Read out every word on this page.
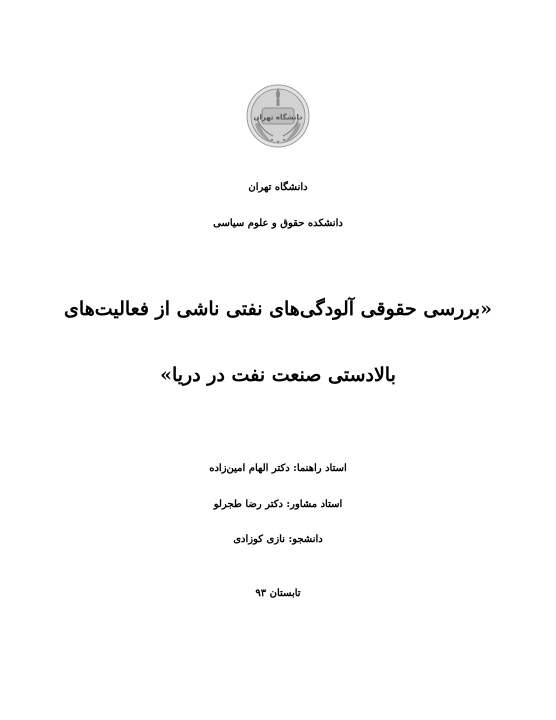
دانشگاه تهران
دانشگاه تهران
دانشکده حقوق و علوم سیاسی
«بررسی حقوقی آلودگی‌های نفتی ناشی از فعالیت‌های
بالادستی صنعت نفت در دریا»
استاد راهنما: دکتر الهام امین‌زاده
استاد مشاور: دکتر رضا طجرلو
دانشجو: نازی کوزادی
تابستان ۹۳
